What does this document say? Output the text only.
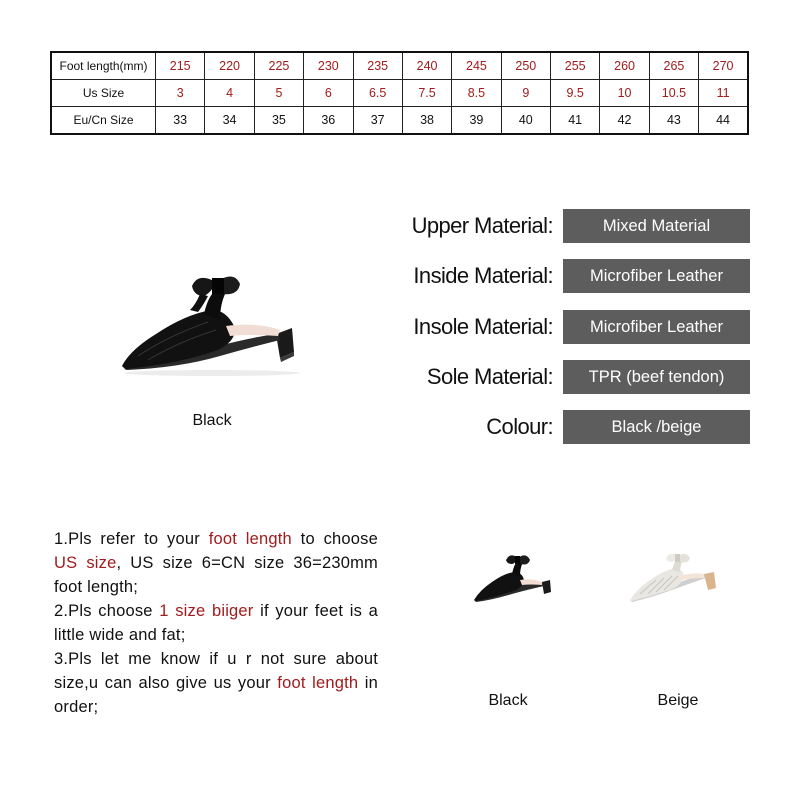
Foot length(mm)	215	220	225	230	235	240	245	250	255	260	265	270
Us Size	3	4	5	6	6.5	7.5	8.5	9	9.5	10	10.5	11
Eu/Cn Size	33	34	35	36	37	38	39	40	41	42	43	44
Black
Upper Material:	Mixed Material
Inside Material:	Microfiber Leather
Insole Material:	Microfiber Leather
Sole Material:	TPR (beef tendon)
Colour:	Black /beige

1.Pls refer to your foot length to choose US size, US size 6=CN size 36=230mm foot length;

2.Pls choose 1 size biiger if your feet is a little wide and fat;

3.Pls let me know if u r not sure about size,u can also give us your foot length in order;	Black	Beige
